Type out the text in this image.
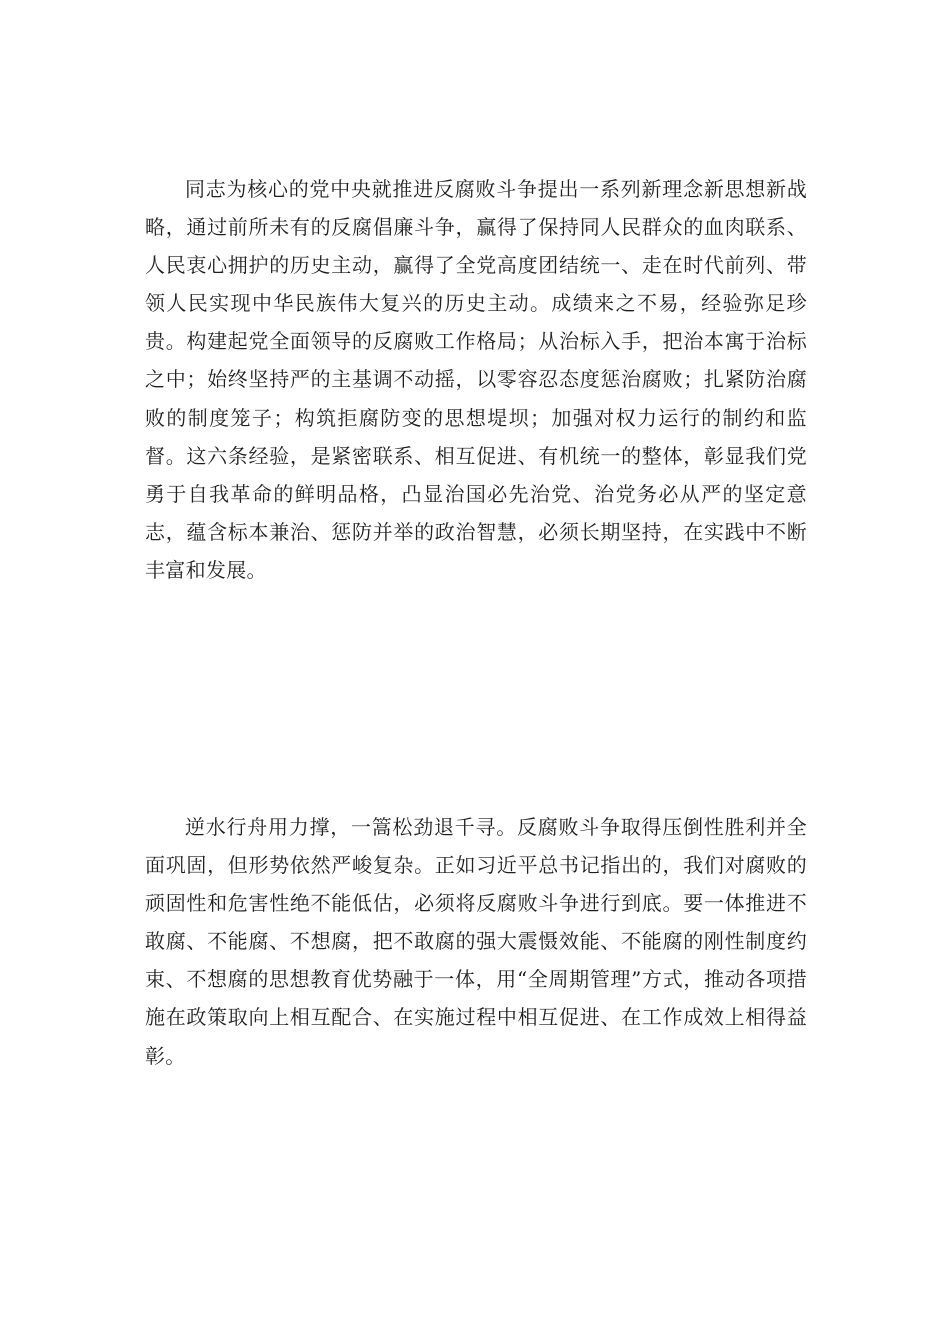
同志为核心的党中央就推进反腐败斗争提出一系列新理念新思想新战略，通过前所未有的反腐倡廉斗争，赢得了保持同人民群众的血肉联系、人民衷心拥护的历史主动，赢得了全党高度团结统一、走在时代前列、带领人民实现中华民族伟大复兴的历史主动。成绩来之不易，经验弥足珍贵。构建起党全面领导的反腐败工作格局；从治标入手，把治本寓于治标之中；始终坚持严的主基调不动摇，以零容忍态度惩治腐败；扎紧防治腐败的制度笼子；构筑拒腐防变的思想堤坝；加强对权力运行的制约和监督。这六条经验，是紧密联系、相互促进、有机统一的整体，彰显我们党勇于自我革命的鲜明品格，凸显治国必先治党、治党务必从严的坚定意志，蕴含标本兼治、惩防并举的政治智慧，必须长期坚持，在实践中不断丰富和发展。

逆水行舟用力撑，一篙松劲退千寻。反腐败斗争取得压倒性胜利并全面巩固，但形势依然严峻复杂。正如习近平总书记指出的，我们对腐败的顽固性和危害性绝不能低估，必须将反腐败斗争进行到底。要一体推进不敢腐、不能腐、不想腐，把不敢腐的强大震慑效能、不能腐的刚性制度约束、不想腐的思想教育优势融于一体，用“全周期管理”方式，推动各项措施在政策取向上相互配合、在实施过程中相互促进、在工作成效上相得益彰。
